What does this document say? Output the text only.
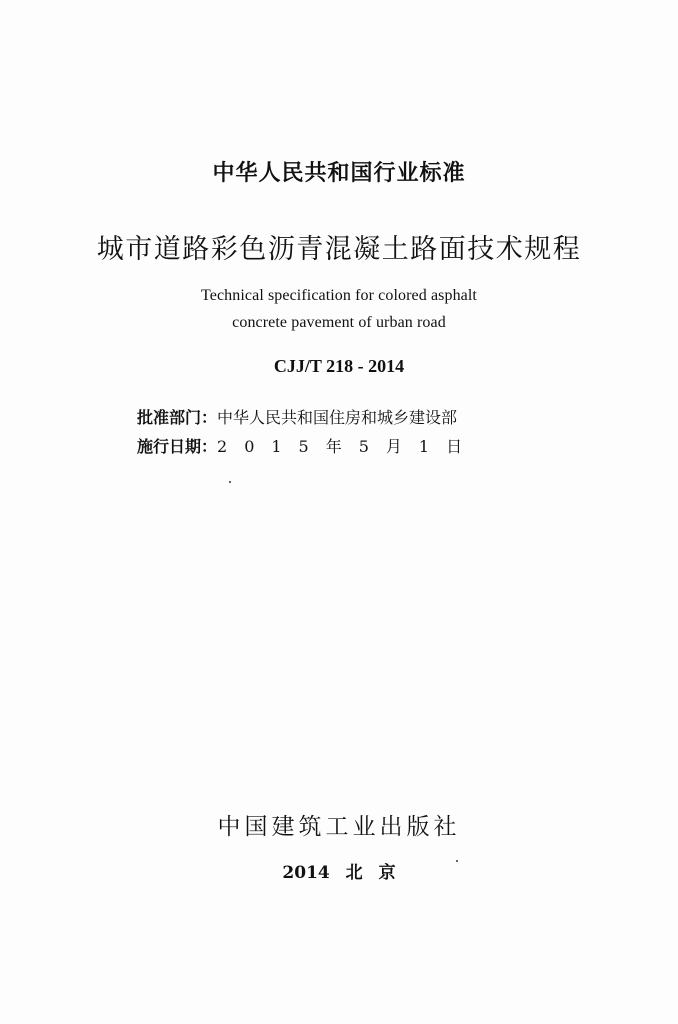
中华人民共和国行业标准
城市道路彩色沥青混凝土路面技术规程
Technical specification for colored asphalt
concrete pavement of urban road
CJJ/T 218 - 2014
批准部门：中华人民共和国住房和城乡建设部
施行日期：2015年5月1日
中国建筑工业出版社
2014 北 京
